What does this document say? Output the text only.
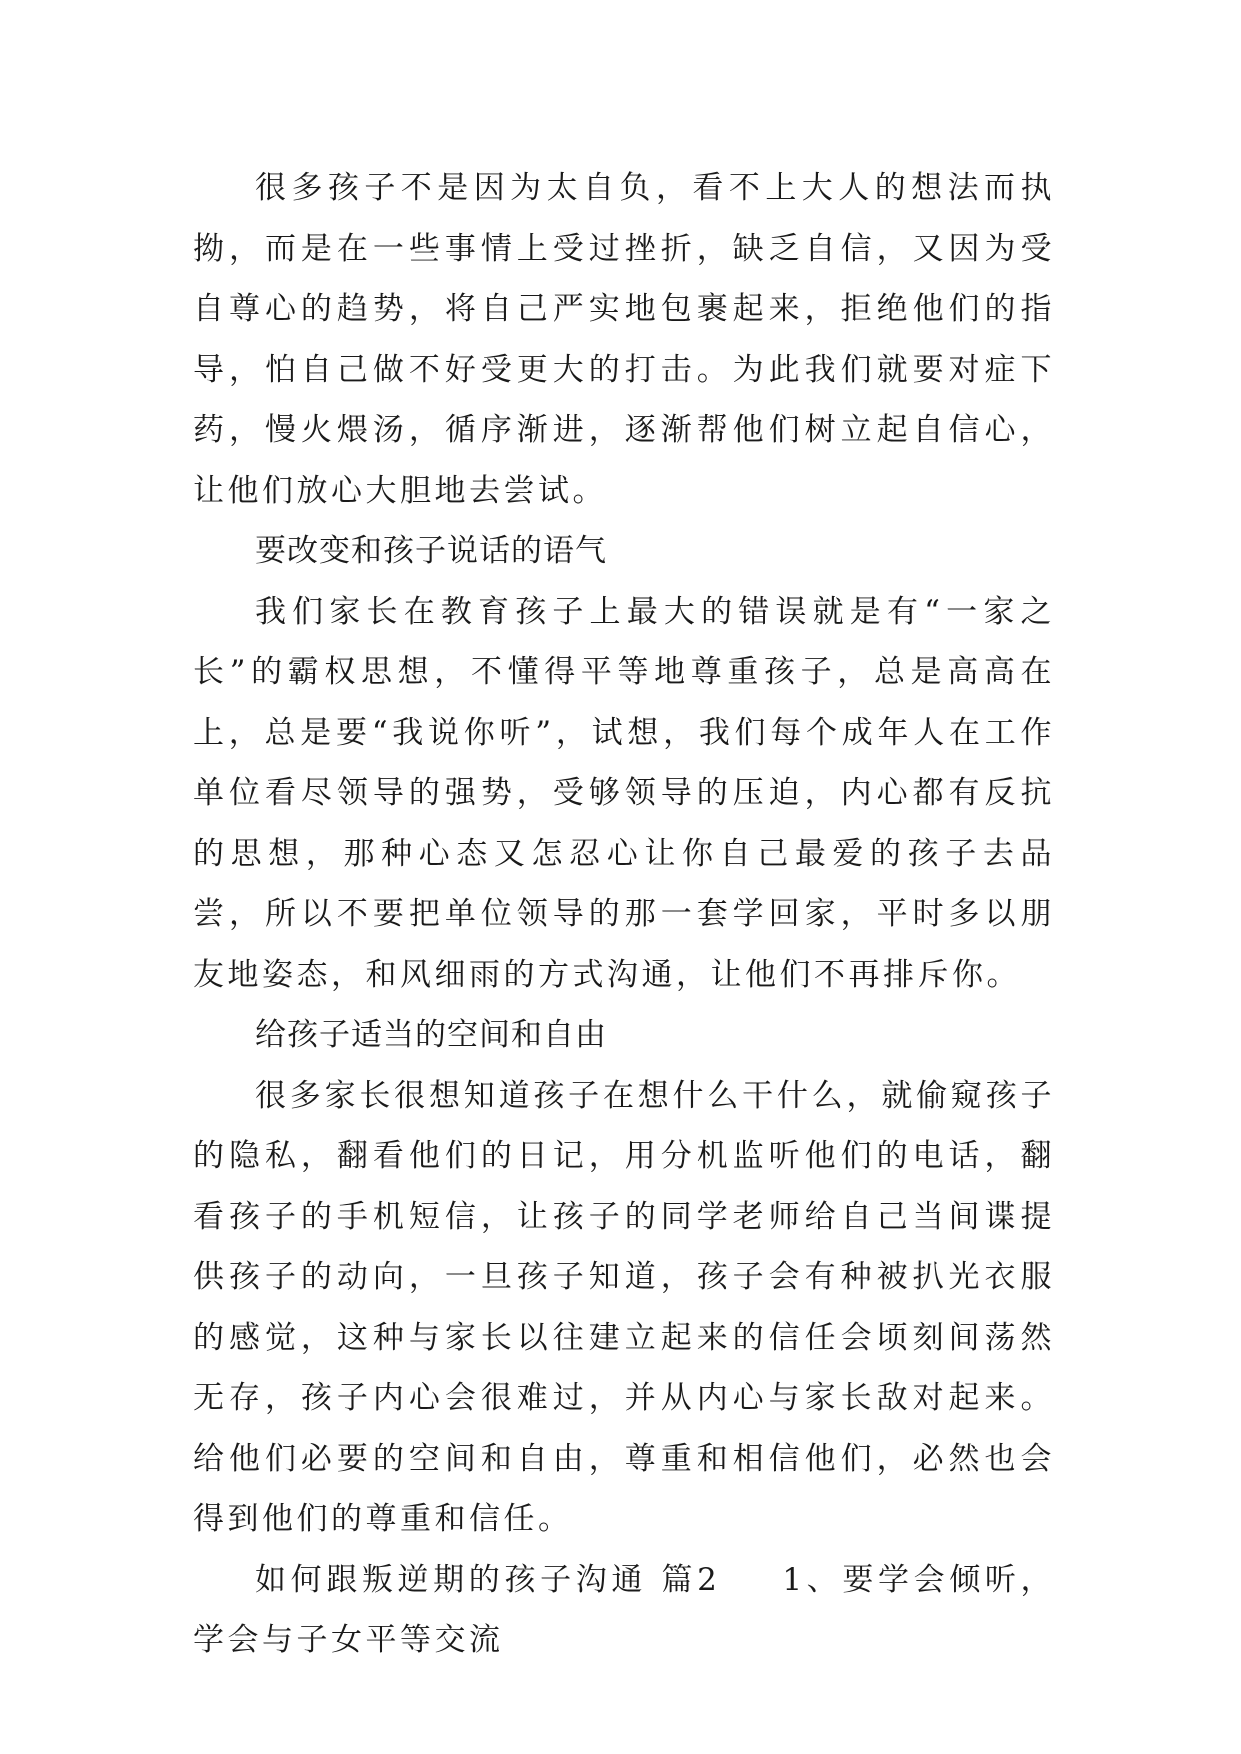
很多孩子不是因为太自负，看不上大人的想法而执拗，而是在一些事情上受过挫折，缺乏自信，又因为受自尊心的趋势，将自己严实地包裹起来，拒绝他们的指导，怕自己做不好受更大的打击。为此我们就要对症下药，慢火煨汤，循序渐进，逐渐帮他们树立起自信心，让他们放心大胆地去尝试。

要改变和孩子说话的语气

我们家长在教育孩子上最大的错误就是有“一家之长”的霸权思想，不懂得平等地尊重孩子，总是高高在上，总是要“我说你听”，试想，我们每个成年人在工作单位看尽领导的强势，受够领导的压迫，内心都有反抗的思想，那种心态又怎忍心让你自己最爱的孩子去品尝，所以不要把单位领导的那一套学回家，平时多以朋友地姿态，和风细雨的方式沟通，让他们不再排斥你。

给孩子适当的空间和自由

很多家长很想知道孩子在想什么干什么，就偷窥孩子的隐私，翻看他们的日记，用分机监听他们的电话，翻看孩子的手机短信，让孩子的同学老师给自己当间谍提供孩子的动向，一旦孩子知道，孩子会有种被扒光衣服的感觉，这种与家长以往建立起来的信任会顷刻间荡然无存，孩子内心会很难过，并从内心与家长敌对起来。给他们必要的空间和自由，尊重和相信他们，必然也会得到他们的尊重和信任。

如何跟叛逆期的孩子沟通 篇2 1、要学会倾听，学会与子女平等交流
